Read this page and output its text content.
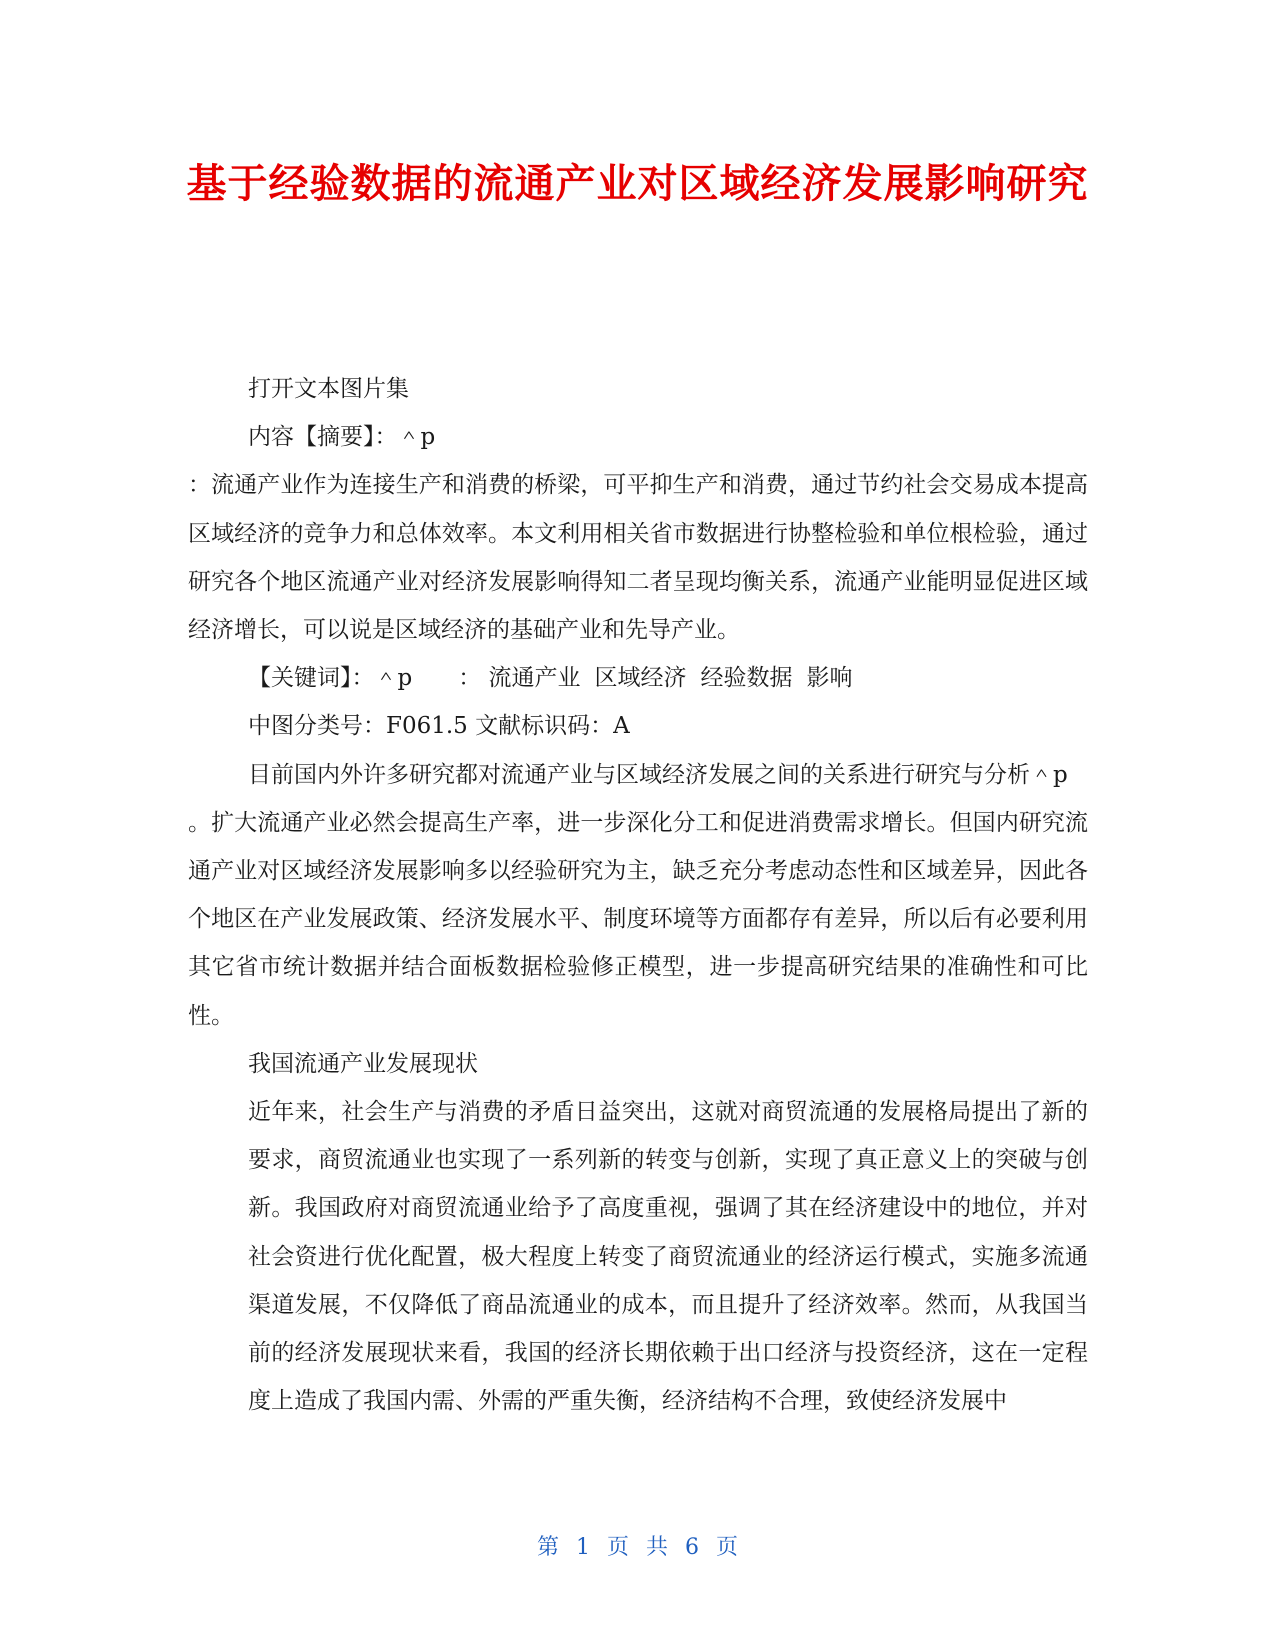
基于经验数据的流通产业对区域经济发展影响研究

打开文本图片集

内容【摘要】：＾p

：流通产业作为连接生产和消费的桥梁，可平抑生产和消费，通过节约社会交易成本提高区域经济的竞争力和总体效率。本文利用相关省市数据进行协整检验和单位根检验，通过研究各个地区流通产业对经济发展影响得知二者呈现均衡关系，流通产业能明显促进区域经济增长，可以说是区域经济的基础产业和先导产业。

【关键词】：＾p ： 流通产业 区域经济 经验数据 影响

中图分类号：F061.5 文献标识码：A

目前国内外许多研究都对流通产业与区域经济发展之间的关系进行研究与分析＾p

。扩大流通产业必然会提高生产率，进一步深化分工和促进消费需求增长。但国内研究流通产业对区域经济发展影响多以经验研究为主，缺乏充分考虑动态性和区域差异，因此各个地区在产业发展政策、经济发展水平、制度环境等方面都存有差异，所以后有必要利用其它省市统计数据并结合面板数据检验修正模型，进一步提高研究结果的准确性和可比性。

我国流通产业发展现状

近年来，社会生产与消费的矛盾日益突出，这就对商贸流通的发展格局提出了新的要求，商贸流通业也实现了一系列新的转变与创新，实现了真正意义上的突破与创新。我国政府对商贸流通业给予了高度重视，强调了其在经济建设中的地位，并对社会资进行优化配置，极大程度上转变了商贸流通业的经济运行模式，实施多流通渠道发展，不仅降低了商品流通业的成本，而且提升了经济效率。然而，从我国当前的经济发展现状来看，我国的经济长期依赖于出口经济与投资经济，这在一定程度上造成了我国内需、外需的严重失衡，经济结构不合理，致使经济发展中

第 1 页 共 6 页
